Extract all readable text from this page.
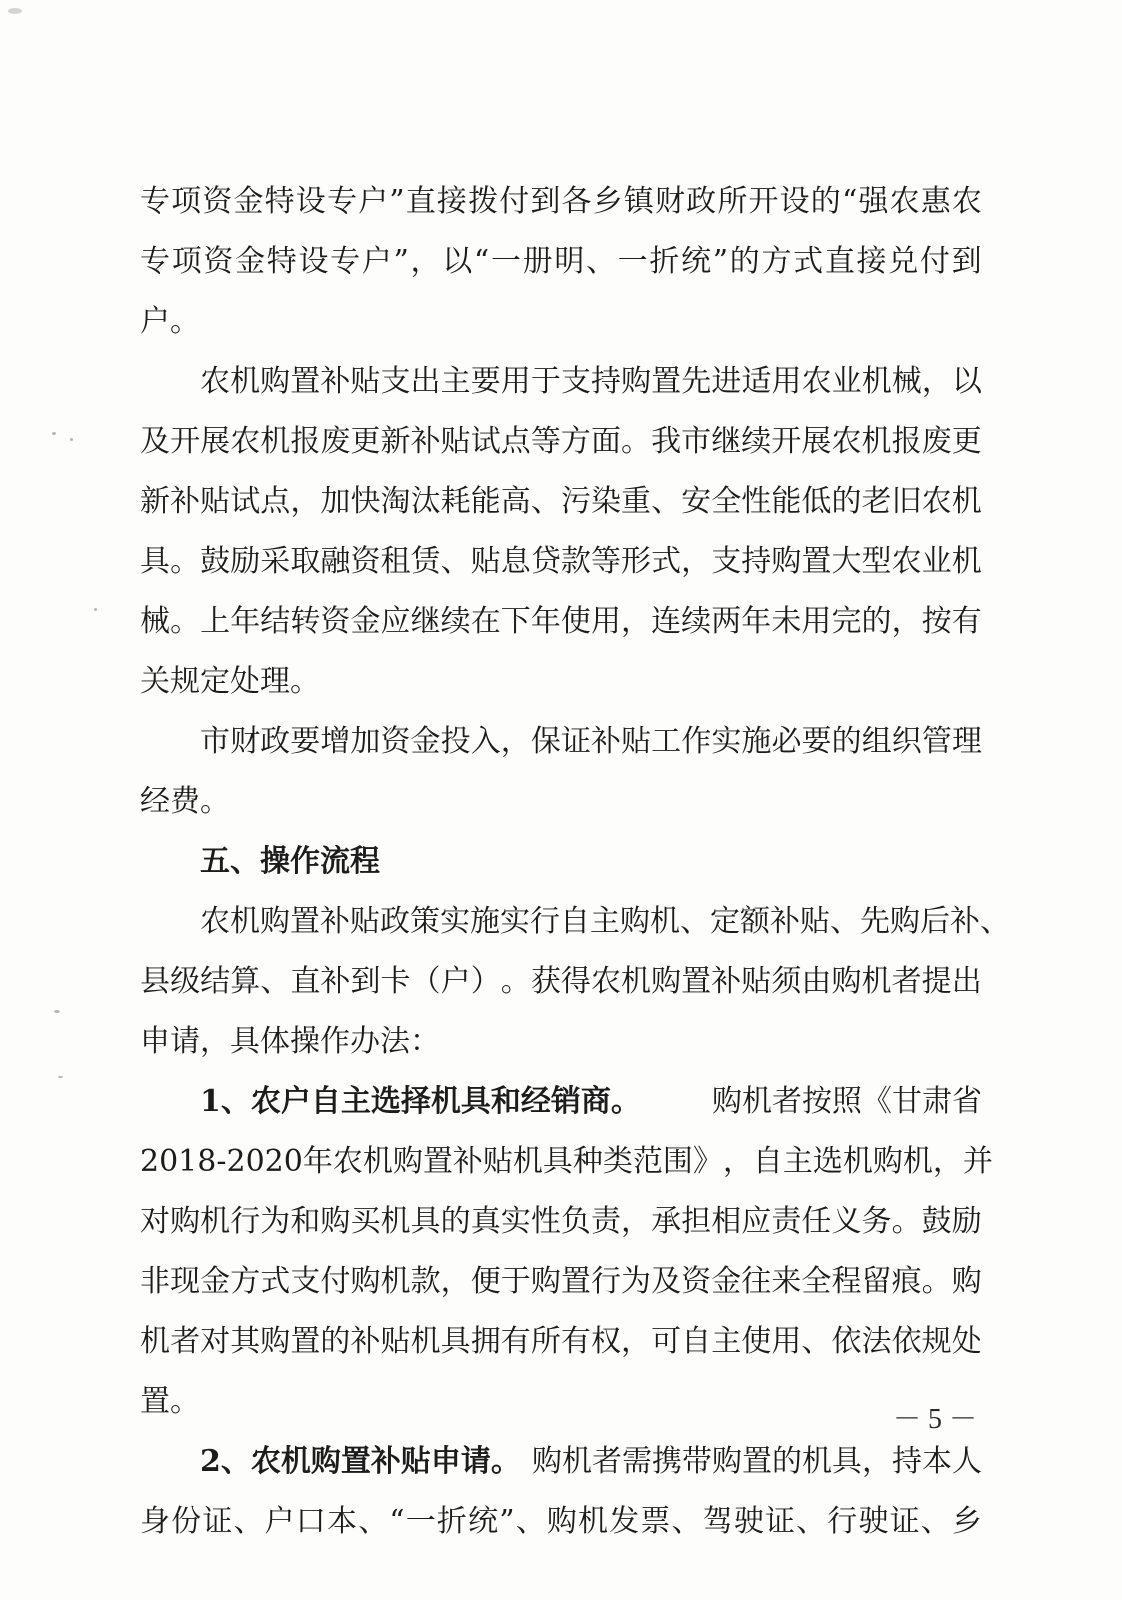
专 项 资 金 特 设 专 户 ” 直 接 拨 付 到 各 乡 镇 财 政 所 开 设 的 “ 强 农 惠 农
专 项 资 金 特 设 专 户 ” ， 以 “ 一 册 明 、 一 折 统 ” 的 方 式 直 接 兑 付 到
户。
农 机 购 置 补 贴 支 出 主 要 用 于 支 持 购 置 先 进 适 用 农 业 机 械 ， 以
及 开 展 农 机 报 废 更 新 补 贴 试 点 等 方 面 。 我 市 继 续 开 展 农 机 报 废 更
新 补 贴 试 点 ， 加 快 淘 汰 耗 能 高 、 污 染 重 、 安 全 性 能 低 的 老 旧 农 机
具 。 鼓 励 采 取 融 资 租 赁 、 贴 息 贷 款 等 形 式 ， 支 持 购 置 大 型 农 业 机
械 。 上 年 结 转 资 金 应 继 续 在 下 年 使 用 ， 连 续 两 年 未 用 完 的 ， 按 有
关规定处理。
市 财 政 要 增 加 资 金 投 入 ， 保 证 补 贴 工 作 实 施 必 要 的 组 织 管 理
经费。
五、操作流程
农 机 购 置 补 贴 政 策 实 施 实 行 自 主 购 机 、 定 额 补 贴 、 先 购 后 补 、
县 级 结 算 、 直 补 到 卡 （ 户 ） 。 获 得 农 机 购 置 补 贴 须 由 购 机 者 提 出
申请，具体操作办法：
1、农户自主选择机具和经销商。 购机者按照《甘肃省
2018-2020 年 农 机 购 置 补 贴 机 具 种 类 范 围 》 ， 自 主 选 机 购 机 ， 并
对 购 机 行 为 和 购 买 机 具 的 真 实 性 负 责 ， 承 担 相 应 责 任 义 务 。 鼓 励
非 现 金 方 式 支 付 购 机 款 ， 便 于 购 置 行 为 及 资 金 往 来 全 程 留 痕 。 购
机 者 对 其 购 置 的 补 贴 机 具 拥 有 所 有 权 ， 可 自 主 使 用 、 依 法 依 规 处
置。
2、农机购置补贴申请。 购机者需携带购置的机具，持本人
身 份 证 、 户 口 本 、 “ 一 折 统 ” 、 购 机 发 票 、 驾 驶 证 、 行 驶 证 、 乡
－ 5 －
